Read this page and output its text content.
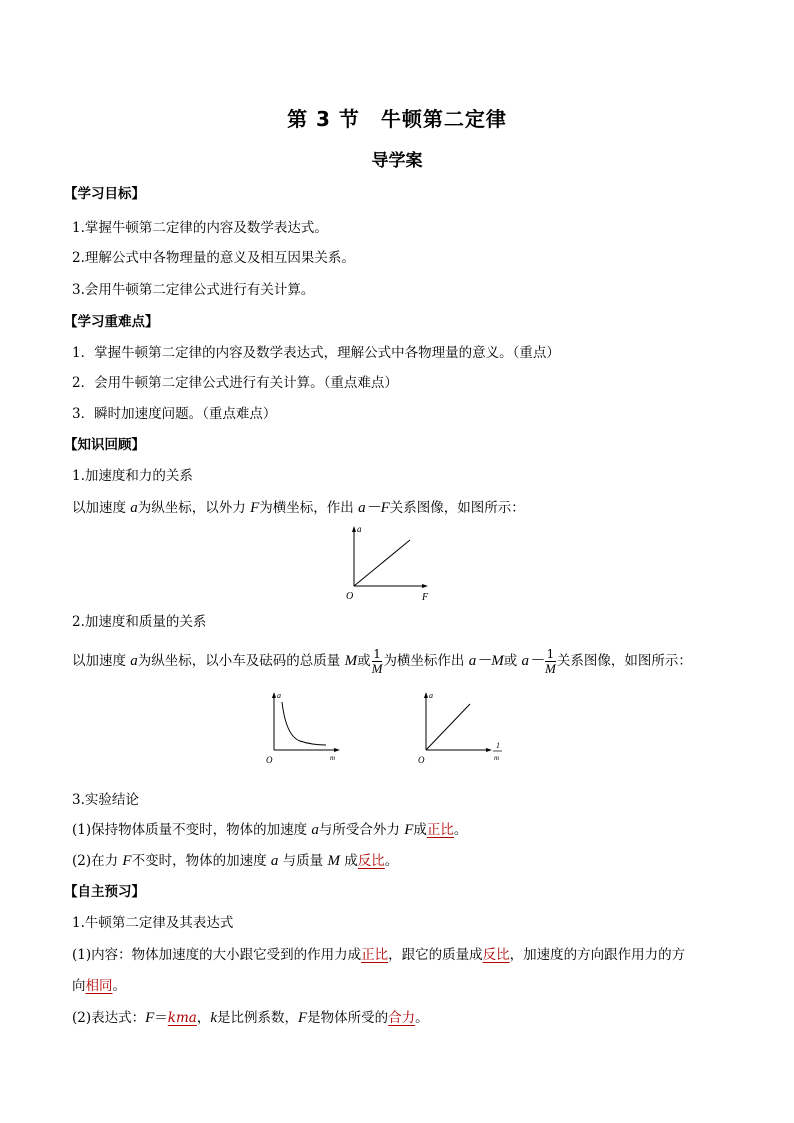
第 3 节　牛顿第二定律
导学案
【学习目标】
1.掌握牛顿第二定律的内容及数学表达式。
2.理解公式中各物理量的意义及相互因果关系。
3.会用牛顿第二定律公式进行有关计算。
【学习重难点】
1．掌握牛顿第二定律的内容及数学表达式，理解公式中各物理量的意义。（重点）
2．会用牛顿第二定律公式进行有关计算。（重点难点）
3．瞬时加速度问题。（重点难点）
【知识回顾】
1.加速度和力的关系
以加速度 a为纵坐标，以外力 F为横坐标，作出 a－F关系图像，如图所示：
a
O	F
2.加速度和质量的关系
以加速度 a为纵坐标，以小车及砝码的总质量 M或 $\frac{1}{M}$ 为横坐标作出 a－M或 $a- \frac{1}{M}$ 关系图像，如图所示：
a
O	m
a
O
1
m
3.实验结论
(1)保持物体质量不变时，物体的加速度 a与所受合外力 F成正比。
(2)在力 F不变时，物体的加速度 a 与质量 M 成反比。
【自主预习】
1.牛顿第二定律及其表达式
(1)内容：物体加速度的大小跟它受到的作用力成正比，跟它的质量成反比，加速度的方向跟作用力的方
向相同。
(2)表达式：F＝kma，k是比例系数，F是物体所受的合力。
